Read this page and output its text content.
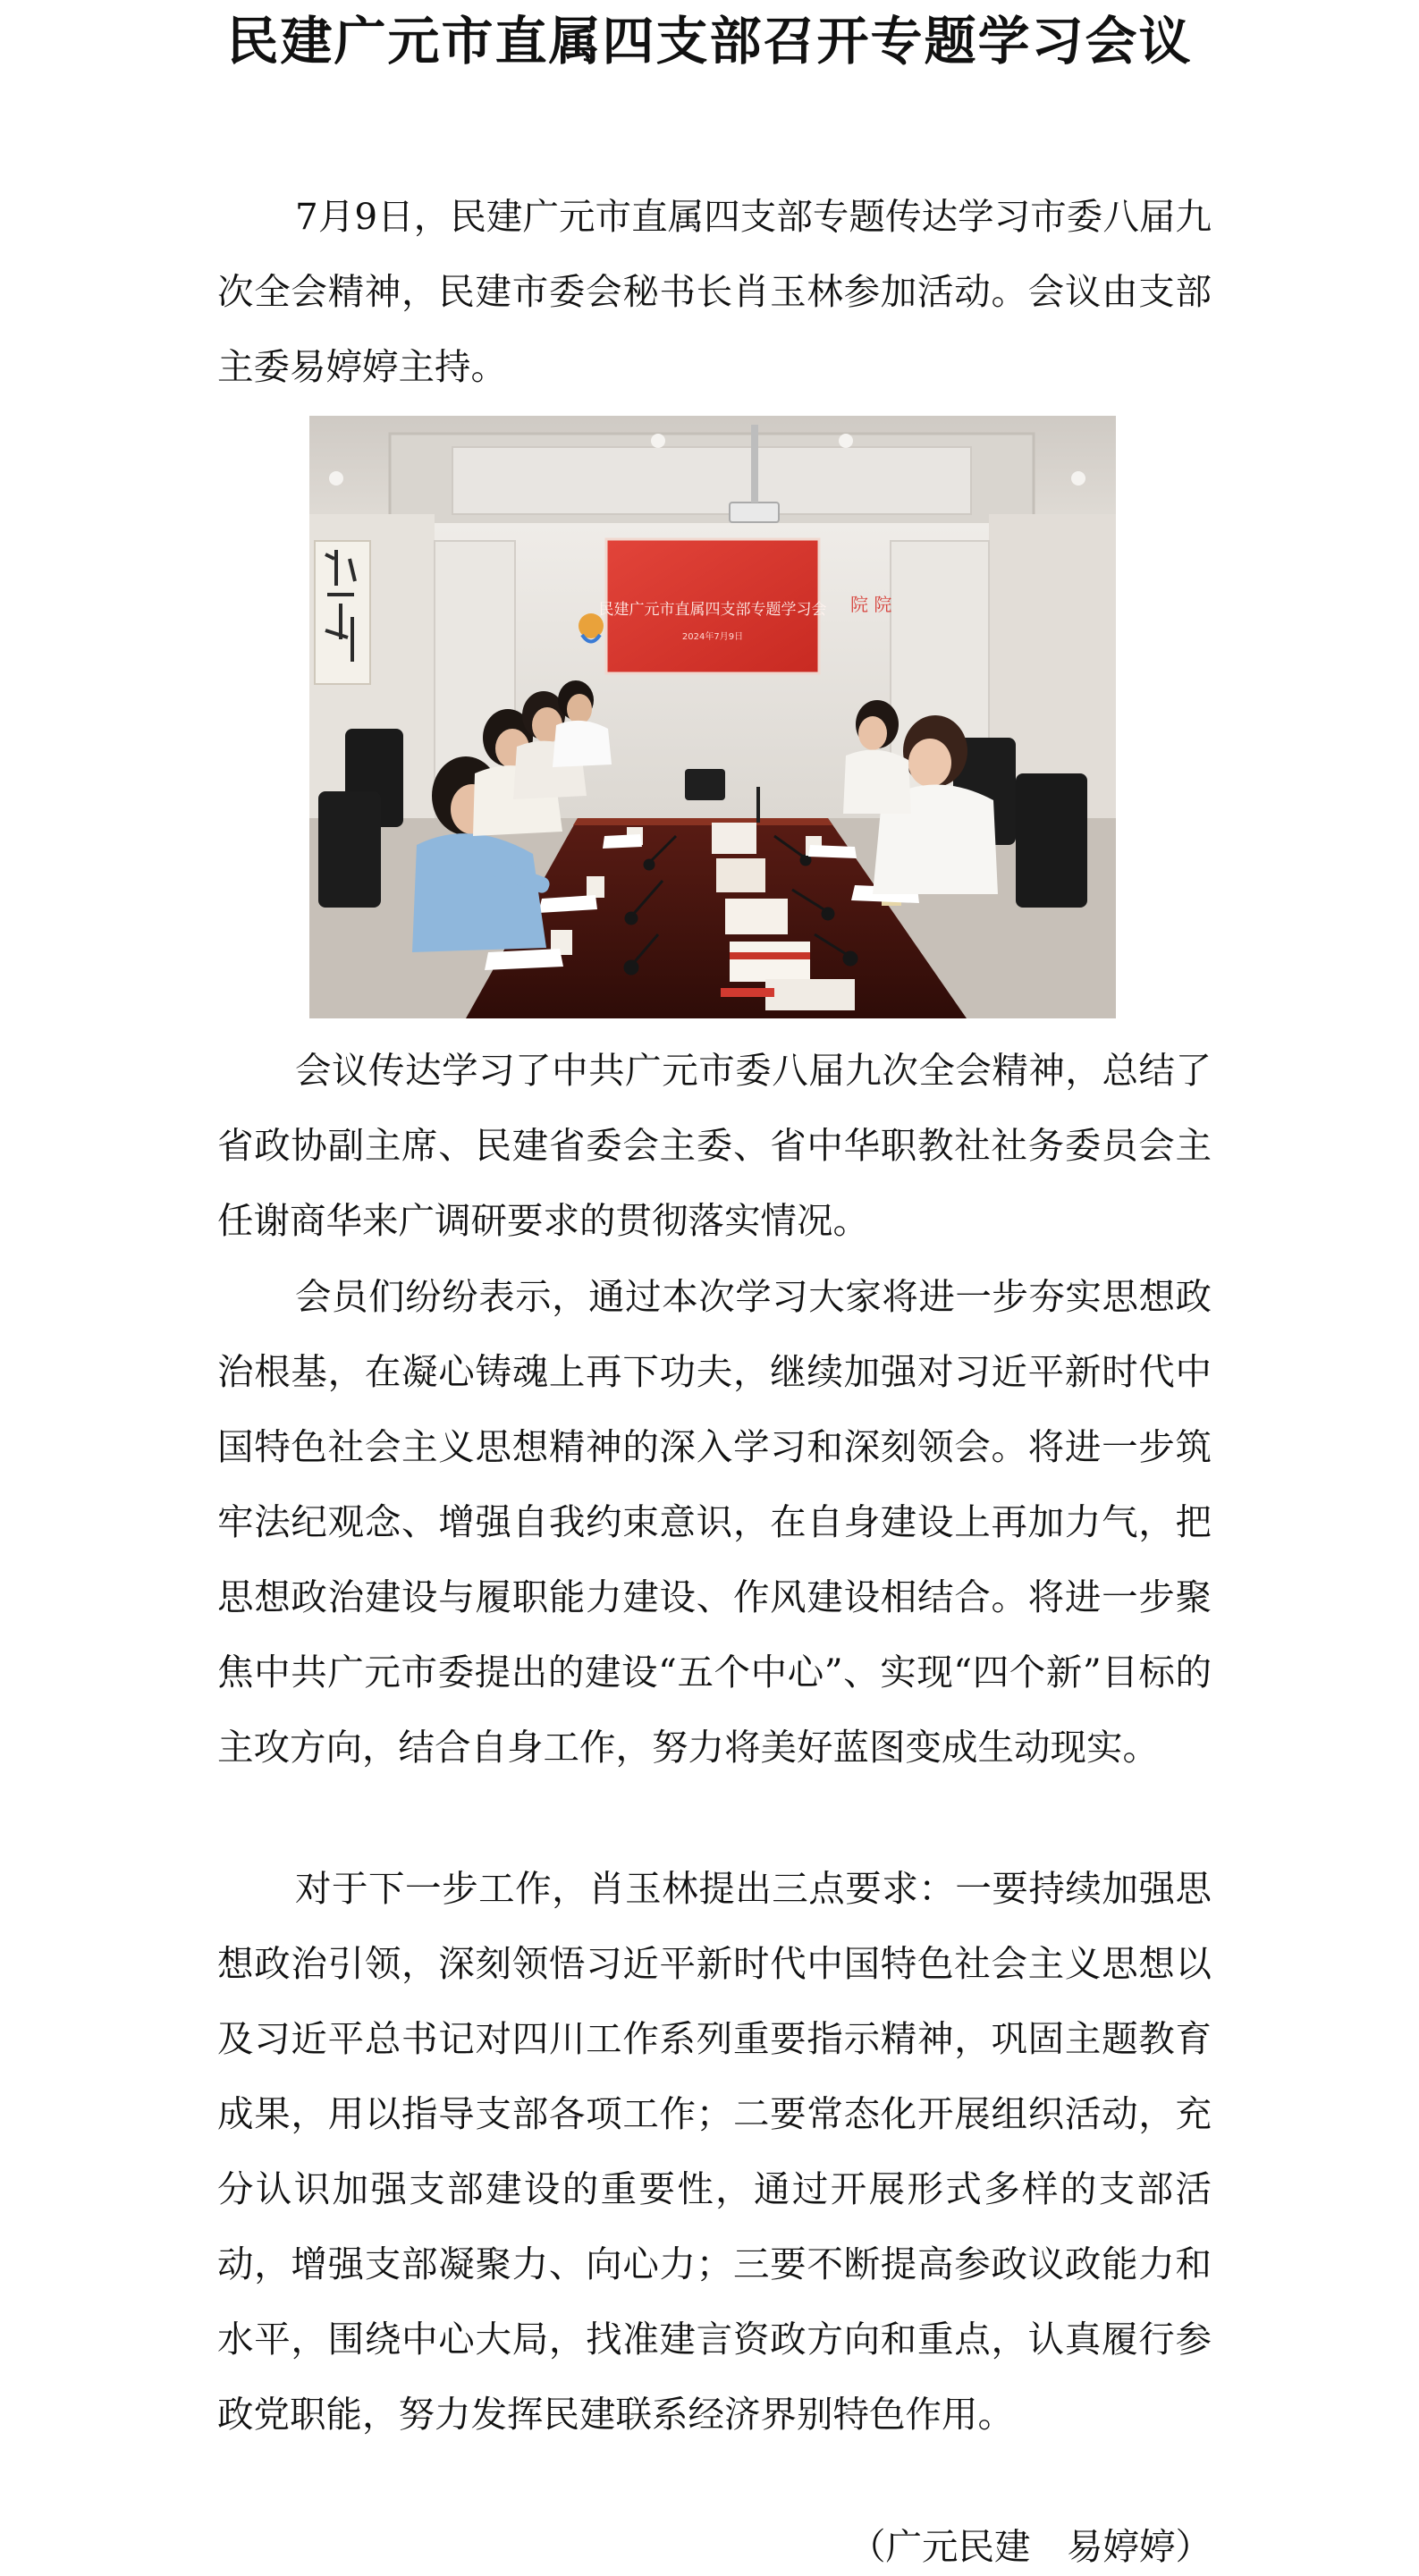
民建广元市直属四支部召开专题学习会议

7月9日，民建广元市直属四支部专题传达学习市委八届九次全会精神，民建市委会秘书长肖玉林参加活动。会议由支部主委易婷婷主持。

民建广元市直属四支部专题学习会
2024年7月9日
院 院

会议传达学习了中共广元市委八届九次全会精神，总结了省政协副主席、民建省委会主委、省中华职教社社务委员会主任谢商华来广调研要求的贯彻落实情况。

会员们纷纷表示，通过本次学习大家将进一步夯实思想政治根基，在凝心铸魂上再下功夫，继续加强对习近平新时代中国特色社会主义思想精神的深入学习和深刻领会。将进一步筑牢法纪观念、增强自我约束意识，在自身建设上再加力气，把思想政治建设与履职能力建设、作风建设相结合。将进一步聚焦中共广元市委提出的建设“五个中心”、实现“四个新”目标的主攻方向，结合自身工作，努力将美好蓝图变成生动现实。

对于下一步工作，肖玉林提出三点要求：一要持续加强思想政治引领，深刻领悟习近平新时代中国特色社会主义思想以及习近平总书记对四川工作系列重要指示精神，巩固主题教育成果，用以指导支部各项工作；二要常态化开展组织活动，充分认识加强支部建设的重要性，通过开展形式多样的支部活动，增强支部凝聚力、向心力；三要不断提高参政议政能力和水平，围绕中心大局，找准建言资政方向和重点，认真履行参政党职能，努力发挥民建联系经济界别特色作用。

（广元民建　易婷婷）
